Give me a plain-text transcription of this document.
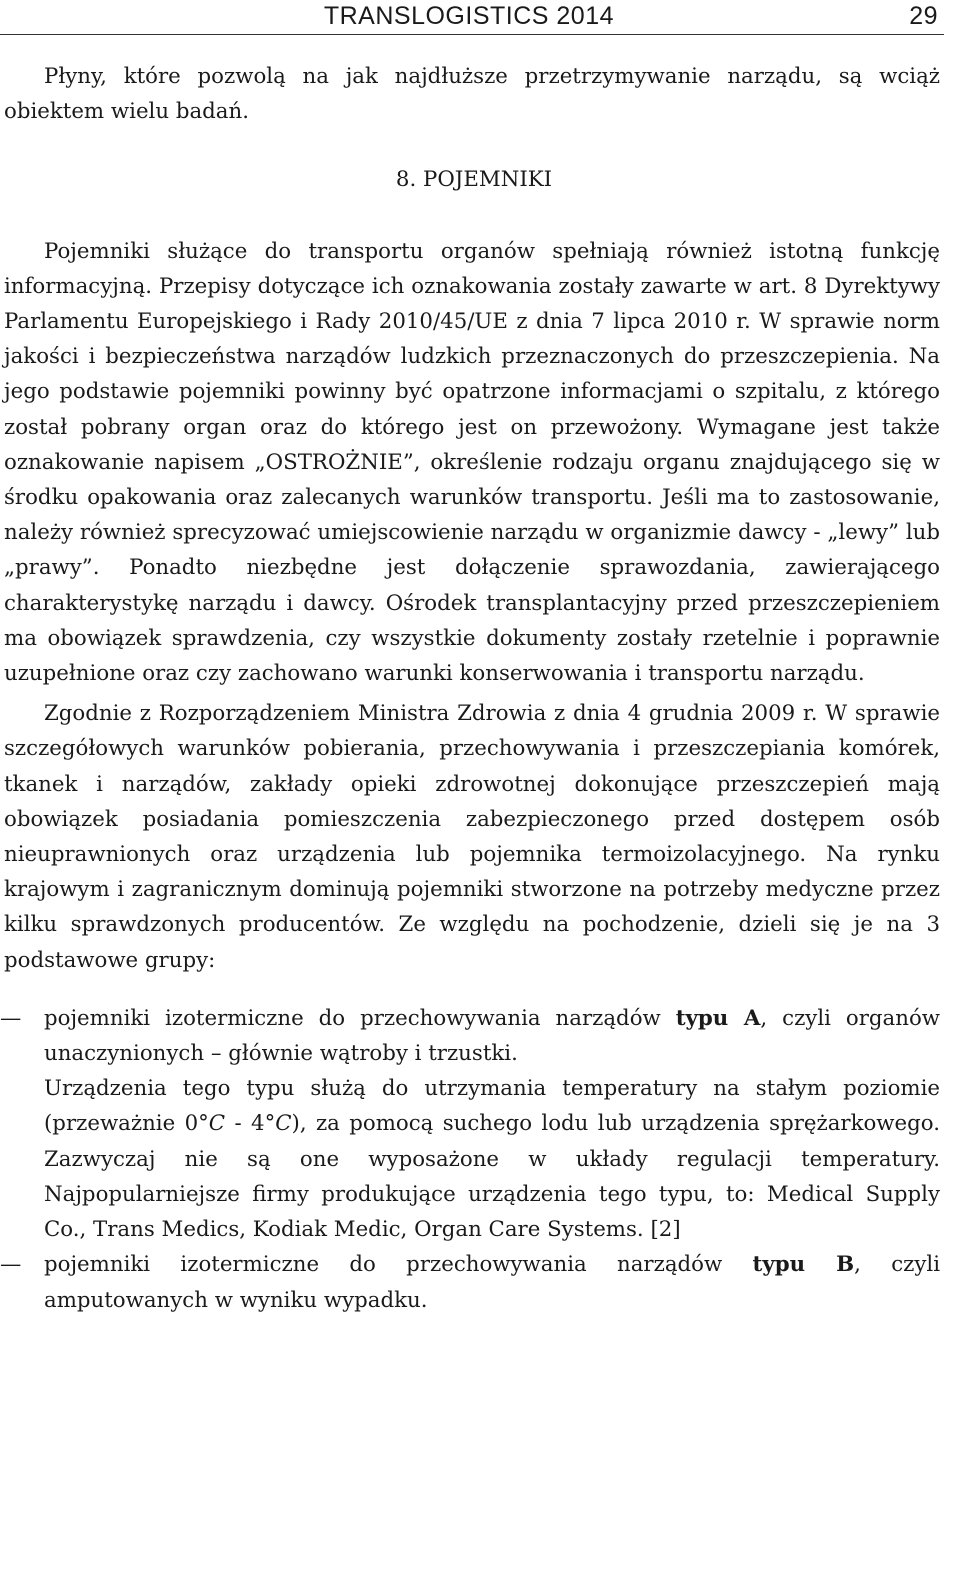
TRANSLOGISTICS 2014	29

Płyny, które pozwolą na jak najdłuższe przetrzymywanie narządu, są wciąż obiektem wielu badań.

8. POJEMNIKI

Pojemniki służące do transportu organów spełniają również istotną funkcję informacyjną. Przepisy dotyczące ich oznakowania zostały zawarte w art. 8 Dyrektywy Parlamentu Europejskiego i Rady 2010/45/UE z dnia 7 lipca 2010 r. W sprawie norm jakości i bezpieczeństwa narządów ludzkich przeznaczonych do przeszczepienia. Na jego podstawie pojemniki powinny być opatrzone informacjami o szpitalu, z którego został pobrany organ oraz do którego jest on przewożony. Wymagane jest także oznakowanie napisem „OSTROŻNIE”, określenie rodzaju organu znajdującego się w środku opakowania oraz zalecanych warunków transportu. Jeśli ma to zastosowanie, należy również sprecyzować umiejscowienie narządu w organizmie dawcy - „lewy” lub „prawy”. Ponadto niezbędne jest dołączenie sprawozdania, zawierającego charakterystykę narządu i dawcy. Ośrodek transplantacyjny przed przeszczepieniem ma obowiązek sprawdzenia, czy wszystkie dokumenty zostały rzetelnie i poprawnie uzupełnione oraz czy zachowano warunki konserwowania i transportu narządu.

Zgodnie z Rozporządzeniem Ministra Zdrowia z dnia 4 grudnia 2009 r. W sprawie szczegółowych warunków pobierania, przechowywania i przeszczepiania komórek, tkanek i narządów, zakłady opieki zdrowotnej dokonujące przeszczepień mają obowiązek posiadania pomieszczenia zabezpieczonego przed dostępem osób nieuprawnionych oraz urządzenia lub pojemnika termoizolacyjnego. Na rynku krajowym i zagranicznym dominują pojemniki stworzone na potrzeby medyczne przez kilku sprawdzonych producentów. Ze względu na pochodzenie, dzieli się je na 3 podstawowe grupy:

— pojemniki izotermiczne do przechowywania narządów typu A, czyli organów unaczynionych – głównie wątroby i trzustki.

Urządzenia tego typu służą do utrzymania temperatury na stałym poziomie (przeważnie 0°C - 4°C), za pomocą suchego lodu lub urządzenia sprężarkowego. Zazwyczaj nie są one wyposażone w układy regulacji temperatury. Najpopularniejsze firmy produkujące urządzenia tego typu, to: Medical Supply Co., Trans Medics, Kodiak Medic, Organ Care Systems. [2]

— pojemniki izotermiczne do przechowywania narządów typu B, czyli amputowanych w wyniku wypadku.
